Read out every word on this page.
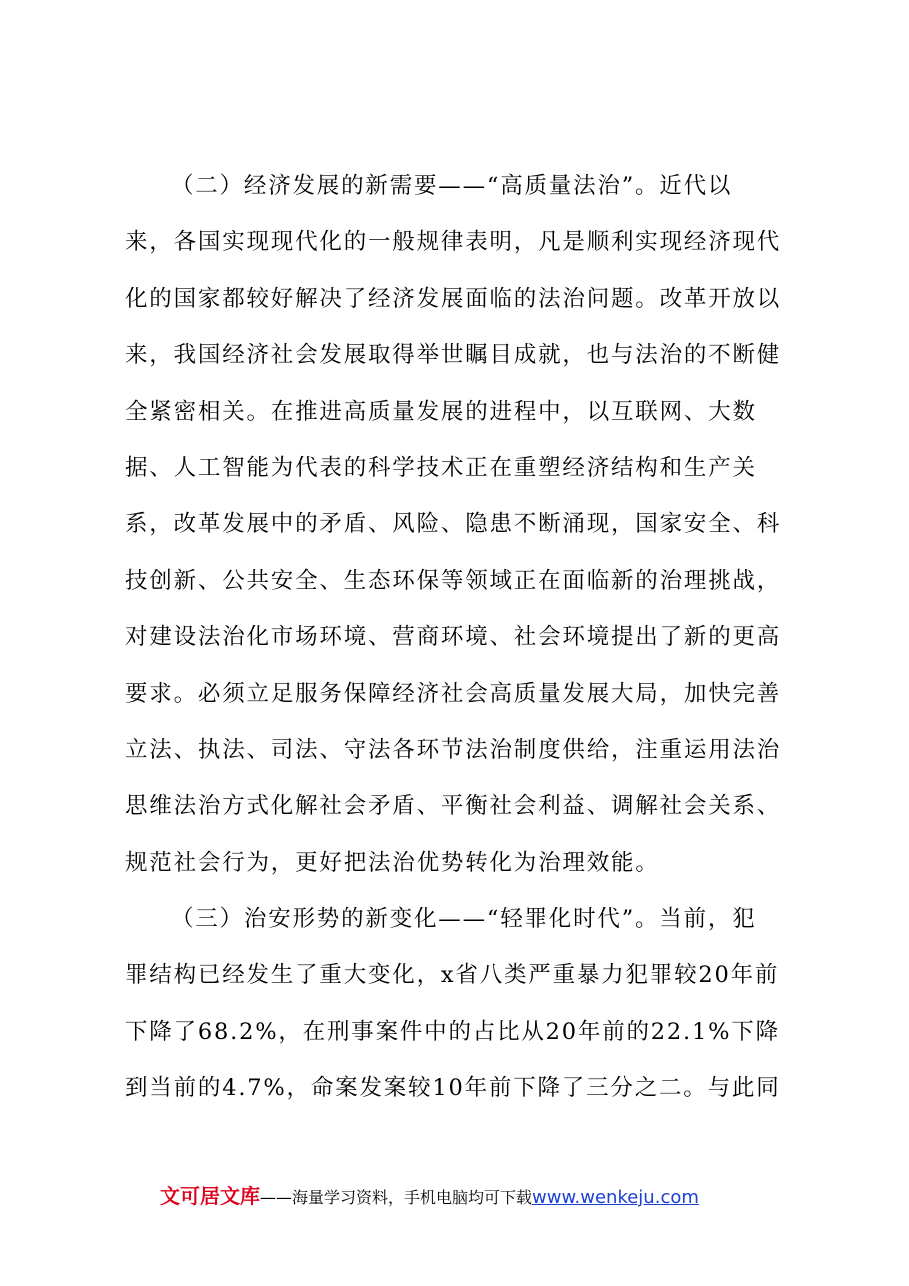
（二）经济发展的新需要——“高质量法治”。近代以
来，各国实现现代化的一般规律表明，凡是顺利实现经济现代
化的国家都较好解决了经济发展面临的法治问题。改革开放以
来，我国经济社会发展取得举世瞩目成就，也与法治的不断健
全紧密相关。在推进高质量发展的进程中，以互联网、大数
据、人工智能为代表的科学技术正在重塑经济结构和生产关
系，改革发展中的矛盾、风险、隐患不断涌现，国家安全、科
技创新、公共安全、生态环保等领域正在面临新的治理挑战，
对建设法治化市场环境、营商环境、社会环境提出了新的更高
要求。必须立足服务保障经济社会高质量发展大局，加快完善
立法、执法、司法、守法各环节法治制度供给，注重运用法治
思维法治方式化解社会矛盾、平衡社会利益、调解社会关系、
规范社会行为，更好把法治优势转化为治理效能。
（三）治安形势的新变化——“轻罪化时代”。当前，犯
罪结构已经发生了重大变化，x省八类严重暴力犯罪较20年前
下降了68.2%，在刑事案件中的占比从20年前的22.1%下降
到当前的4.7%，命案发案较10年前下降了三分之二。与此同
文可居文库——海量学习资料，手机电脑均可下载www.wenkeju.com
